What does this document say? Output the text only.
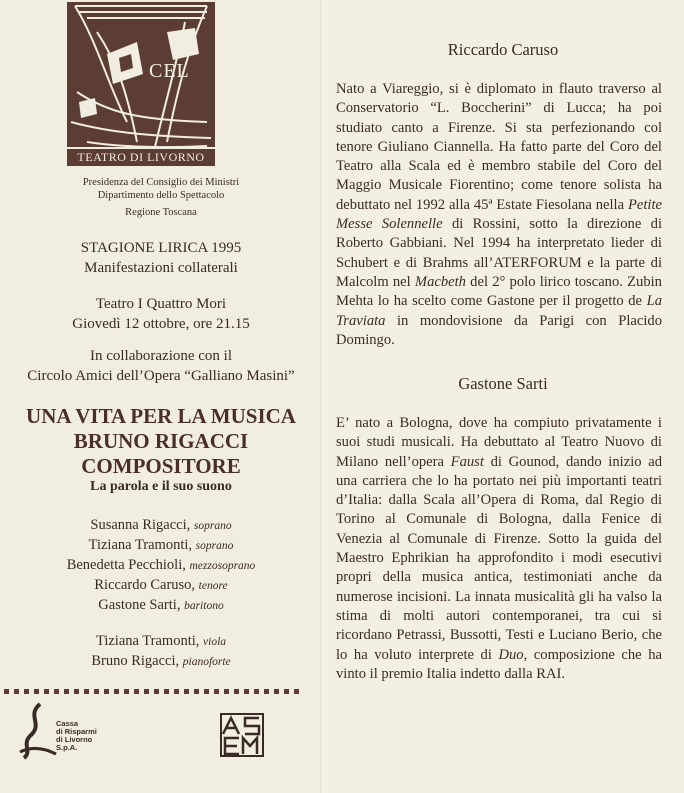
CEL
TEATRO DI LIVORNO
Presidenza del Consiglio dei Ministri
Dipartimento dello Spettacolo
Regione Toscana
STAGIONE LIRICA 1995
Manifestazioni collaterali
Teatro I Quattro Mori
Giovedì 12 ottobre, ore 21.15
In collaborazione con il
Circolo Amici dell’Opera “Galliano Masini”
UNA VITA PER LA MUSICA
BRUNO RIGACCI
COMPOSITORE
La parola e il suo suono
Susanna Rigacci, soprano
Tiziana Tramonti, soprano
Benedetta Pecchioli, mezzosoprano
Riccardo Caruso, tenore
Gastone Sarti, baritono
Tiziana Tramonti, viola
Bruno Rigacci, pianoforte
Cassa
di Risparmi
di Livorno
S.p.A.
Riccardo Caruso
Nato a Viareggio, si è diplomato in flauto traverso al Conservatorio “L. Boccherini” di Lucca; ha poi studiato canto a Firenze. Si sta perfezionando col tenore Giuliano Ciannella. Ha fatto parte del Coro del Teatro alla Scala ed è membro stabile del Coro del Maggio Musicale Fiorentino; come tenore solista ha debuttato nel 1992 alla 45ª Estate Fiesolana nella Petite Messe Solennelle di Rossini, sotto la direzione di Roberto Gabbiani. Nel 1994 ha interpretato lieder di Schubert e di Brahms all’ATERFORUM e la parte di Malcolm nel Macbeth del 2° polo lirico toscano. Zubin Mehta lo ha scelto come Gastone per il progetto de La Traviata in mondovisione da Parigi con Placido Domingo.
Gastone Sarti
E’ nato a Bologna, dove ha compiuto privatamente i suoi studi musicali. Ha debuttato al Teatro Nuovo di Milano nell’opera Faust di Gounod, dando inizio ad una carriera che lo ha portato nei più importanti teatri d’Italia: dalla Scala all’Opera di Roma, dal Regio di Torino al Comunale di Bologna, dalla Fenice di Venezia al Comunale di Firenze. Sotto la guida del Maestro Ephrikian ha approfondito i modi esecutivi propri della musica antica, testimoniati anche da numerose incisioni. La innata musicalità gli ha valso la stima di molti autori contemporanei, tra cui si ricordano Petrassi, Bussotti, Testi e Luciano Berio, che lo ha voluto interprete di Duo, composizione che ha vinto il premio Italia indetto dalla RAI.
